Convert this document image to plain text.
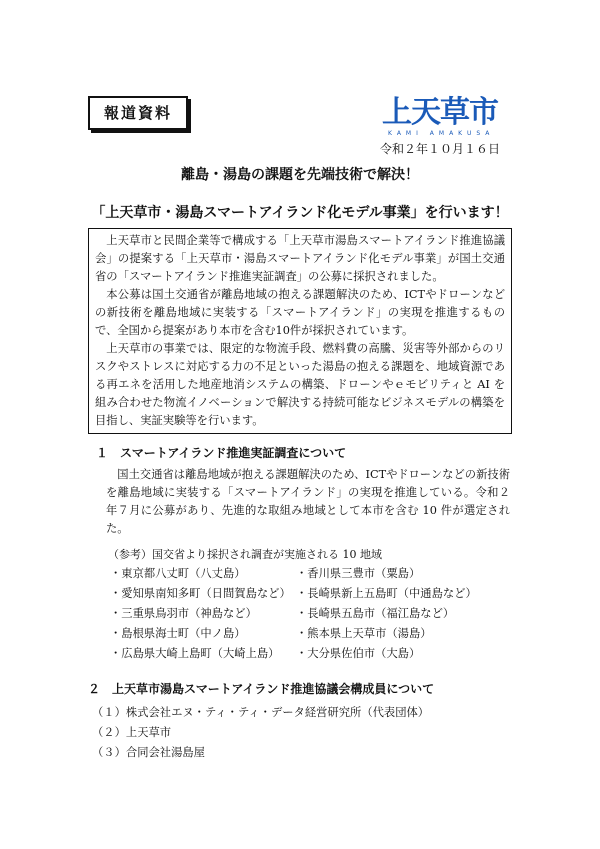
報道資料	上天草市
KAMI AMAKUSA
令和２年１０月１６日
離島・湯島の課題を先端技術で解決！
「上天草市・湯島スマートアイランド化モデル事業」を行います！

上天草市と民間企業等で構成する「上天草市湯島スマートアイランド推進協議会」の提案する「上天草市・湯島スマートアイランド化モデル事業」が国土交通省の「スマートアイランド推進実証調査」の公募に採択されました。

本公募は国土交通省が離島地域の抱える課題解決のため、ICTやドローンなどの新技術を離島地域に実装する「スマートアイランド」の実現を推進するもので、全国から提案があり本市を含む10件が採択されています。

上天草市の事業では、限定的な物流手段、燃料費の高騰、災害等外部からのリスクやストレスに対応する力の不足といった湯島の抱える課題を、地域資源である再エネを活用した地産地消システムの構築、ドローンやｅモビリティと AI を組み合わせた物流イノベーションで解決する持続可能なビジネスモデルの構築を目指し、実証実験等を行います。

１　スマートアイランド推進実証調査について

国土交通省は離島地域が抱える課題解決のため、ICTやドローンなどの新技術を離島地域に実装する「スマートアイランド」の実現を推進している。令和２年７月に公募があり、先進的な取組み地域として本市を含む 10 件が選定された。

（参考）国交省より採択され調査が実施される 10 地域
・東京都八丈町（八丈島）	・香川県三豊市（粟島）
・愛知県南知多町（日間賀島など） ・長崎県新上五島町（中通島など）
・三重県鳥羽市（神島など）	・長崎県五島市（福江島など）
・島根県海士町（中ノ島）	・熊本県上天草市（湯島）
・広島県大崎上島町（大崎上島）	・大分県佐伯市（大島）
２　上天草市湯島スマートアイランド推進協議会構成員について
（１）株式会社エヌ・ティ・ティ・データ経営研究所（代表団体）
（２）上天草市
（３）合同会社湯島屋
